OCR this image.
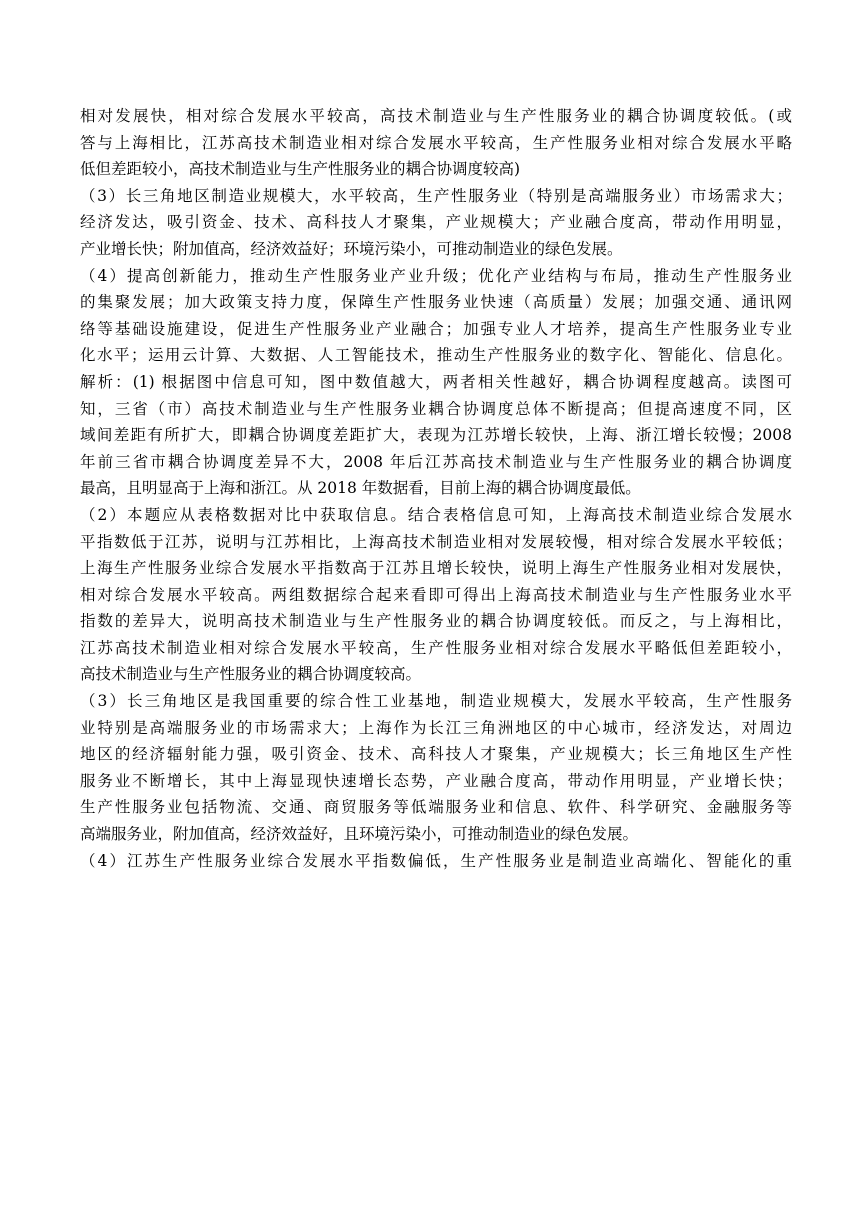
相对发展快，相对综合发展水平较高，高技术制造业与生产性服务业的耦合协调度较低。(或
答与上海相比，江苏高技术制造业相对综合发展水平较高，生产性服务业相对综合发展水平略
低但差距较小，高技术制造业与生产性服务业的耦合协调度较高)
（3）长三角地区制造业规模大，水平较高，生产性服务业（特别是高端服务业）市场需求大；
经济发达，吸引资金、技术、高科技人才聚集，产业规模大；产业融合度高，带动作用明显，
产业增长快；附加值高，经济效益好；环境污染小，可推动制造业的绿色发展。
（4）提高创新能力，推动生产性服务业产业升级；优化产业结构与布局，推动生产性服务业
的集聚发展；加大政策支持力度，保障生产性服务业快速（高质量）发展；加强交通、通讯网
络等基础设施建设，促进生产性服务业产业融合；加强专业人才培养，提高生产性服务业专业
化水平；运用云计算、大数据、人工智能技术，推动生产性服务业的数字化、智能化、信息化。
解析：(1) 根据图中信息可知，图中数值越大，两者相关性越好，耦合协调程度越高。读图可
知，三省（市）高技术制造业与生产性服务业耦合协调度总体不断提高；但提高速度不同，区
域间差距有所扩大，即耦合协调度差距扩大，表现为江苏增长较快，上海、浙江增长较慢；2008
年前三省市耦合协调度差异不大，2008 年后江苏高技术制造业与生产性服务业的耦合协调度
最高，且明显高于上海和浙江。从 2018 年数据看，目前上海的耦合协调度最低。
（2）本题应从表格数据对比中获取信息。结合表格信息可知，上海高技术制造业综合发展水
平指数低于江苏，说明与江苏相比，上海高技术制造业相对发展较慢，相对综合发展水平较低；
上海生产性服务业综合发展水平指数高于江苏且增长较快，说明上海生产性服务业相对发展快，
相对综合发展水平较高。两组数据综合起来看即可得出上海高技术制造业与生产性服务业水平
指数的差异大，说明高技术制造业与生产性服务业的耦合协调度较低。而反之，与上海相比，
江苏高技术制造业相对综合发展水平较高，生产性服务业相对综合发展水平略低但差距较小，
高技术制造业与生产性服务业的耦合协调度较高。
（3）长三角地区是我国重要的综合性工业基地，制造业规模大，发展水平较高，生产性服务
业特别是高端服务业的市场需求大；上海作为长江三角洲地区的中心城市，经济发达，对周边
地区的经济辐射能力强，吸引资金、技术、高科技人才聚集，产业规模大；长三角地区生产性
服务业不断增长，其中上海显现快速增长态势，产业融合度高，带动作用明显，产业增长快；
生产性服务业包括物流、交通、商贸服务等低端服务业和信息、软件、科学研究、金融服务等
高端服务业，附加值高，经济效益好，且环境污染小，可推动制造业的绿色发展。
（4）江苏生产性服务业综合发展水平指数偏低，生产性服务业是制造业高端化、智能化的重
